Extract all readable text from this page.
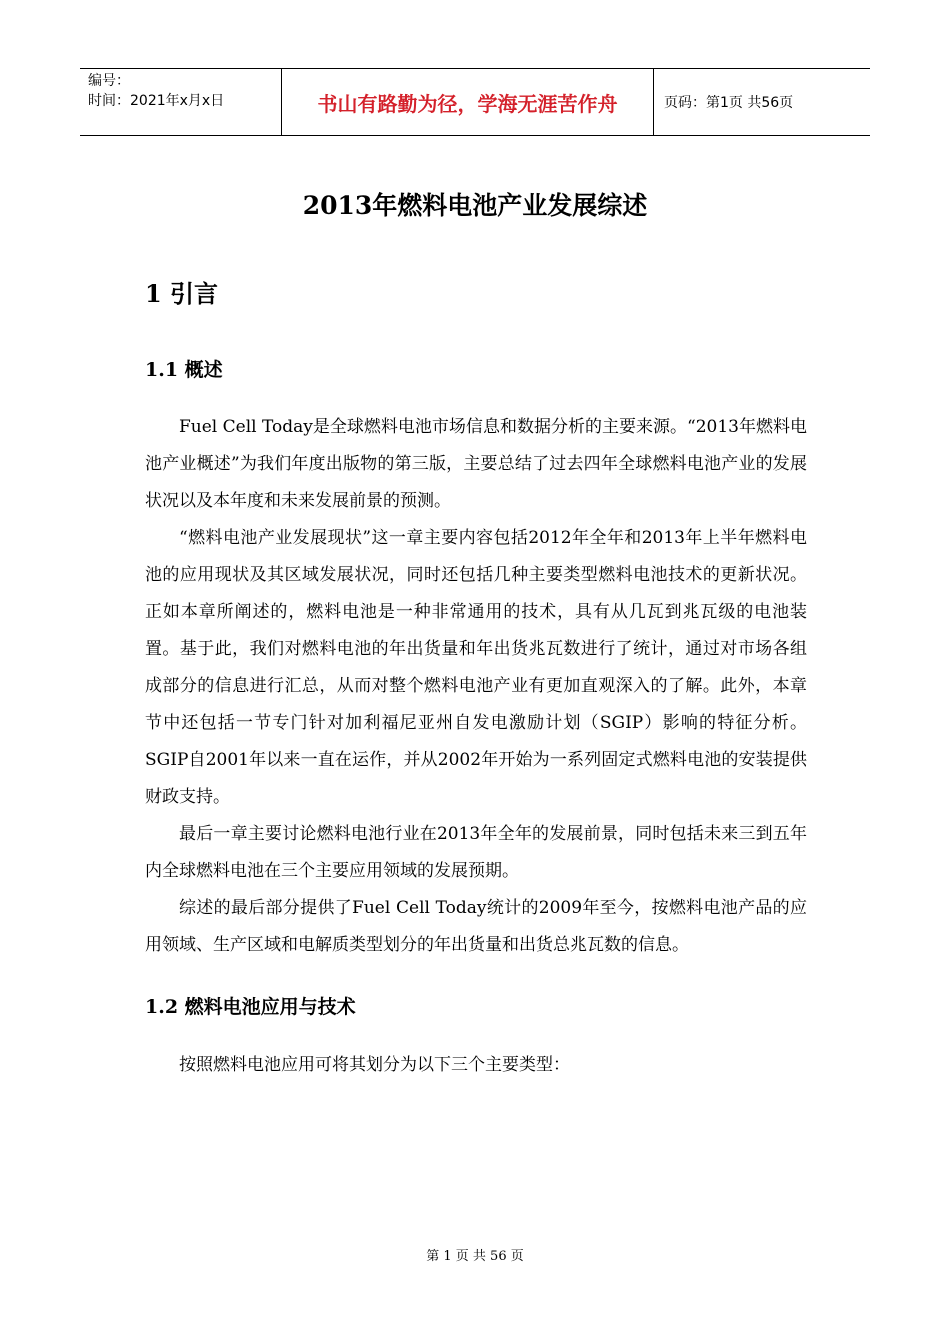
编号：
时间：2021年x月x日	书山有路勤为径，学海无涯苦作舟	页码：第1页 共56页
2013年燃料电池产业发展综述
1 引言
1.1 概述

Fuel Cell Today是全球燃料电池市场信息和数据分析的主要来源。“2013年燃料电池产业概述”为我们年度出版物的第三版，主要总结了过去四年全球燃料电池产业的发展状况以及本年度和未来发展前景的预测。

“燃料电池产业发展现状”这一章主要内容包括2012年全年和2013年上半年燃料电池的应用现状及其区域发展状况，同时还包括几种主要类型燃料电池技术的更新状况。正如本章所阐述的，燃料电池是一种非常通用的技术，具有从几瓦到兆瓦级的电池装置。基于此，我们对燃料电池的年出货量和年出货兆瓦数进行了统计，通过对市场各组成部分的信息进行汇总，从而对整个燃料电池产业有更加直观深入的了解。此外，本章节中还包括一节专门针对加利福尼亚州自发电激励计划（SGIP）影响的特征分析。SGIP自2001年以来一直在运作，并从2002年开始为一系列固定式燃料电池的安装提供财政支持。

最后一章主要讨论燃料电池行业在2013年全年的发展前景，同时包括未来三到五年内全球燃料电池在三个主要应用领域的发展预期。

综述的最后部分提供了Fuel Cell Today统计的2009年至今，按燃料电池产品的应用领域、生产区域和电解质类型划分的年出货量和出货总兆瓦数的信息。

1.2 燃料电池应用与技术

按照燃料电池应用可将其划分为以下三个主要类型：

第 1 页 共 56 页
